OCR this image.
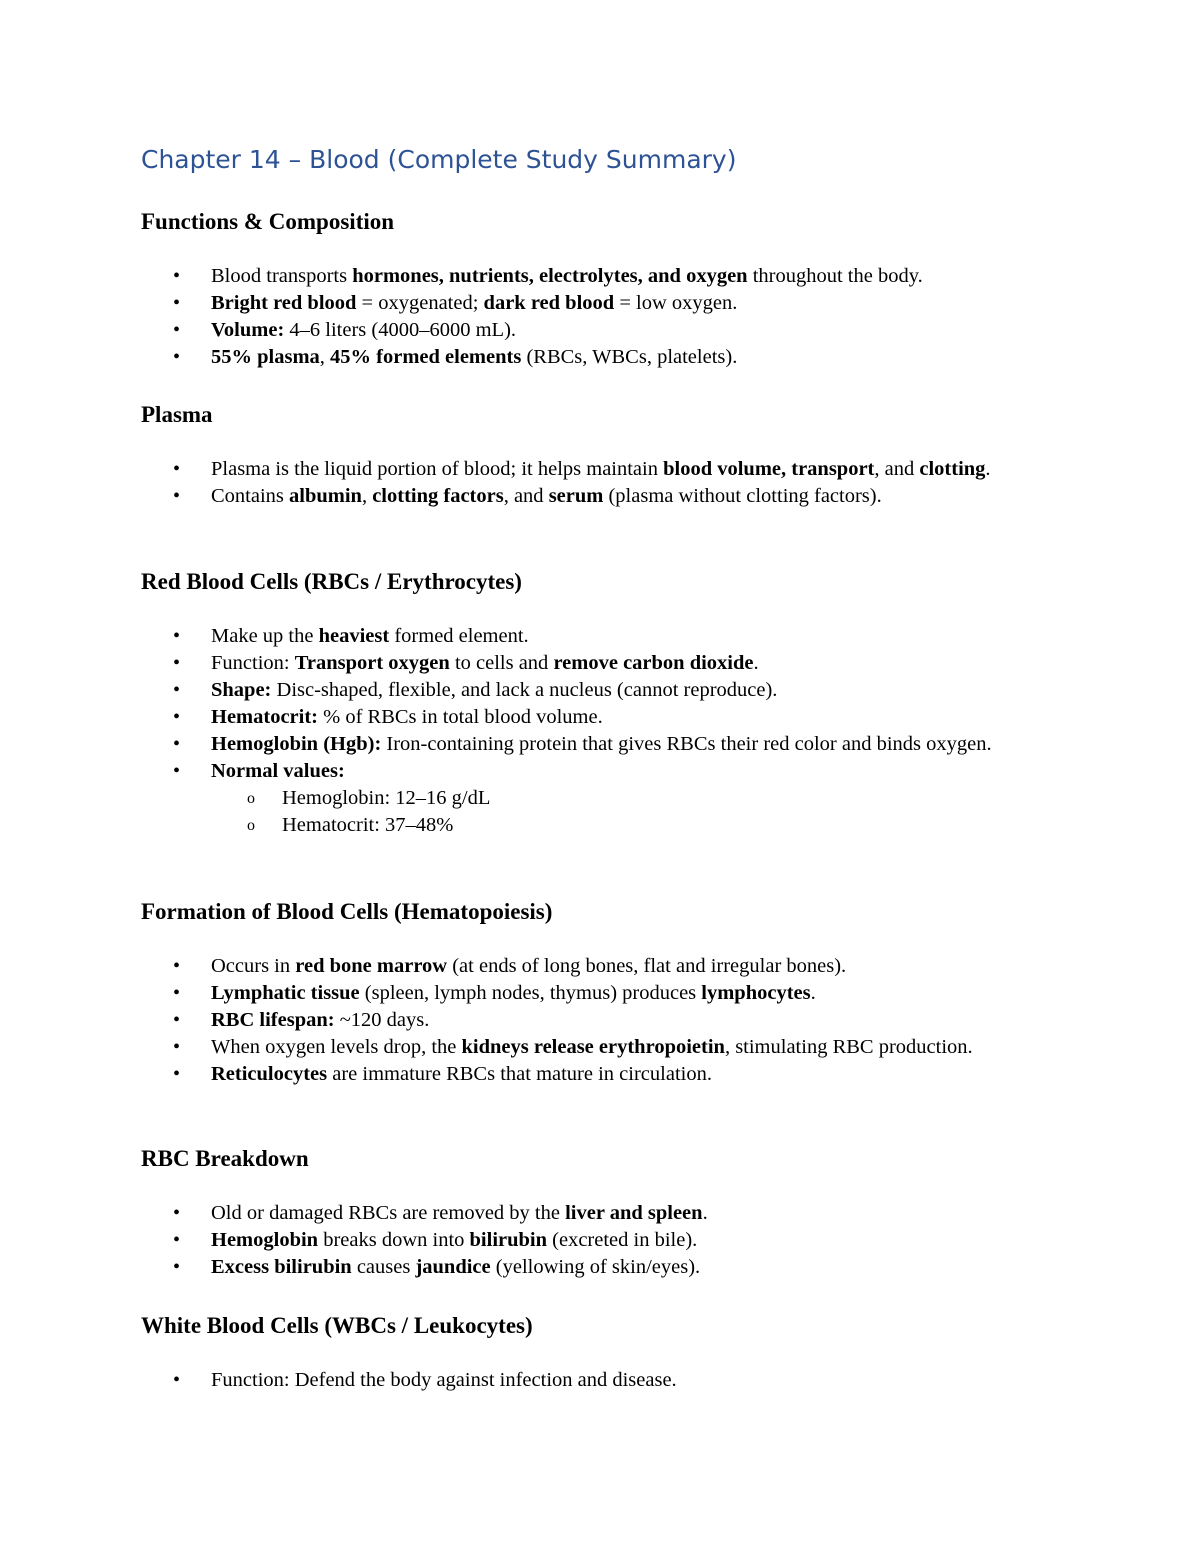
Chapter 14 – Blood (Complete Study Summary)
Functions & Composition
• Blood transports hormones, nutrients, electrolytes, and oxygen throughout the body.
• Bright red blood = oxygenated; dark red blood = low oxygen.
• Volume: 4–6 liters (4000–6000 mL).
• 55% plasma, 45% formed elements (RBCs, WBCs, platelets).
Plasma
• Plasma is the liquid portion of blood; it helps maintain blood volume, transport, and clotting.
• Contains albumin, clotting factors, and serum (plasma without clotting factors).
Red Blood Cells (RBCs / Erythrocytes)
• Make up the heaviest formed element.
• Function: Transport oxygen to cells and remove carbon dioxide.
• Shape: Disc-shaped, flexible, and lack a nucleus (cannot reproduce).
• Hematocrit: % of RBCs in total blood volume.
• Hemoglobin (Hgb): Iron-containing protein that gives RBCs their red color and binds oxygen.
• Normal values:
o Hemoglobin: 12–16 g/dL
o Hematocrit: 37–48%
Formation of Blood Cells (Hematopoiesis)
• Occurs in red bone marrow (at ends of long bones, flat and irregular bones).
• Lymphatic tissue (spleen, lymph nodes, thymus) produces lymphocytes.
• RBC lifespan: ~120 days.
• When oxygen levels drop, the kidneys release erythropoietin, stimulating RBC production.
• Reticulocytes are immature RBCs that mature in circulation.
RBC Breakdown
• Old or damaged RBCs are removed by the liver and spleen.
• Hemoglobin breaks down into bilirubin (excreted in bile).
• Excess bilirubin causes jaundice (yellowing of skin/eyes).
White Blood Cells (WBCs / Leukocytes)
• Function: Defend the body against infection and disease.
